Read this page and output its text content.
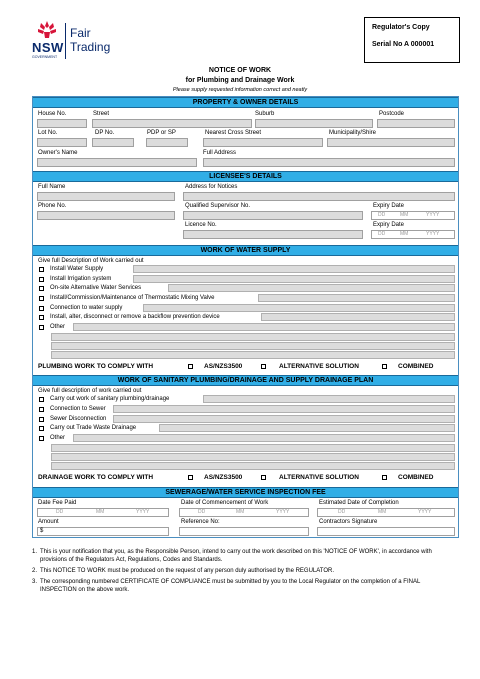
NSW
GOVERNMENT
Fair
Trading
Regulator's Copy
Serial No A 000001
NOTICE OF WORK
for Plumbing and Drainage Work
Please supply requested information correct and neatly
PROPERTY & OWNER DETAILS
House No.	Street	Suburb	Postcode
Lot No.	DP No.	PDP or SP	Nearest Cross Street	Municipality/Shire
Owner's Name	Full Address
LICENSEE'S DETAILS
Full Name	Address for Notices
Phone No.	Qualified Supervisor No.	Expiry Date
DD	MM	YYYY
Licence No.	Expiry Date
DD	MM	YYYY
WORK OF WATER SUPPLY
Give full Description of Work carried out
Install Water Supply
Install Irrigation system
On-site Alternative Water Services
Install/Commission/Maintenance of Thermostatic Mixing Valve
Connection to water supply
Install, alter, disconnect or remove a backflow prevention device
Other
PLUMBING WORK TO COMPLY WITH	AS/NZS3500	ALTERNATIVE SOLUTION	COMBINED
WORK OF SANITARY PLUMBING/DRAINAGE AND SUPPLY DRAINAGE PLAN
Give full description of work carried out
Carry out work of sanitary plumbing/drainage
Connection to Sewer
Sewer Disconnection
Carry out Trade Waste Drainage
Other
DRAINAGE WORK TO COMPLY WITH	AS/NZS3500	ALTERNATIVE SOLUTION	COMBINED
SEWERAGE/WATER SERVICE INSPECTION FEE
Date Fee Paid	Date of Commencement of Work	Estimated Date of Completion
DD	MM	YYYY	DD	MM	YYYY	DD	MM	YYYY
Amount	Reference No:	Contractors Signature
$
1. This is your notification that you, as the Responsible Person, intend to carry out the work described on this 'NOTICE OF WORK', in accordance with provisions of the Regulators Act, Regulations, Codes and Standards.
2. This NOTICE TO WORK must be produced on the request of any person duly authorised by the REGULATOR.
3. The corresponding numbered CERTIFICATE OF COMPLIANCE must be submitted by you to the Local Regulator on the completion of a FINAL INSPECTION on the above work.
